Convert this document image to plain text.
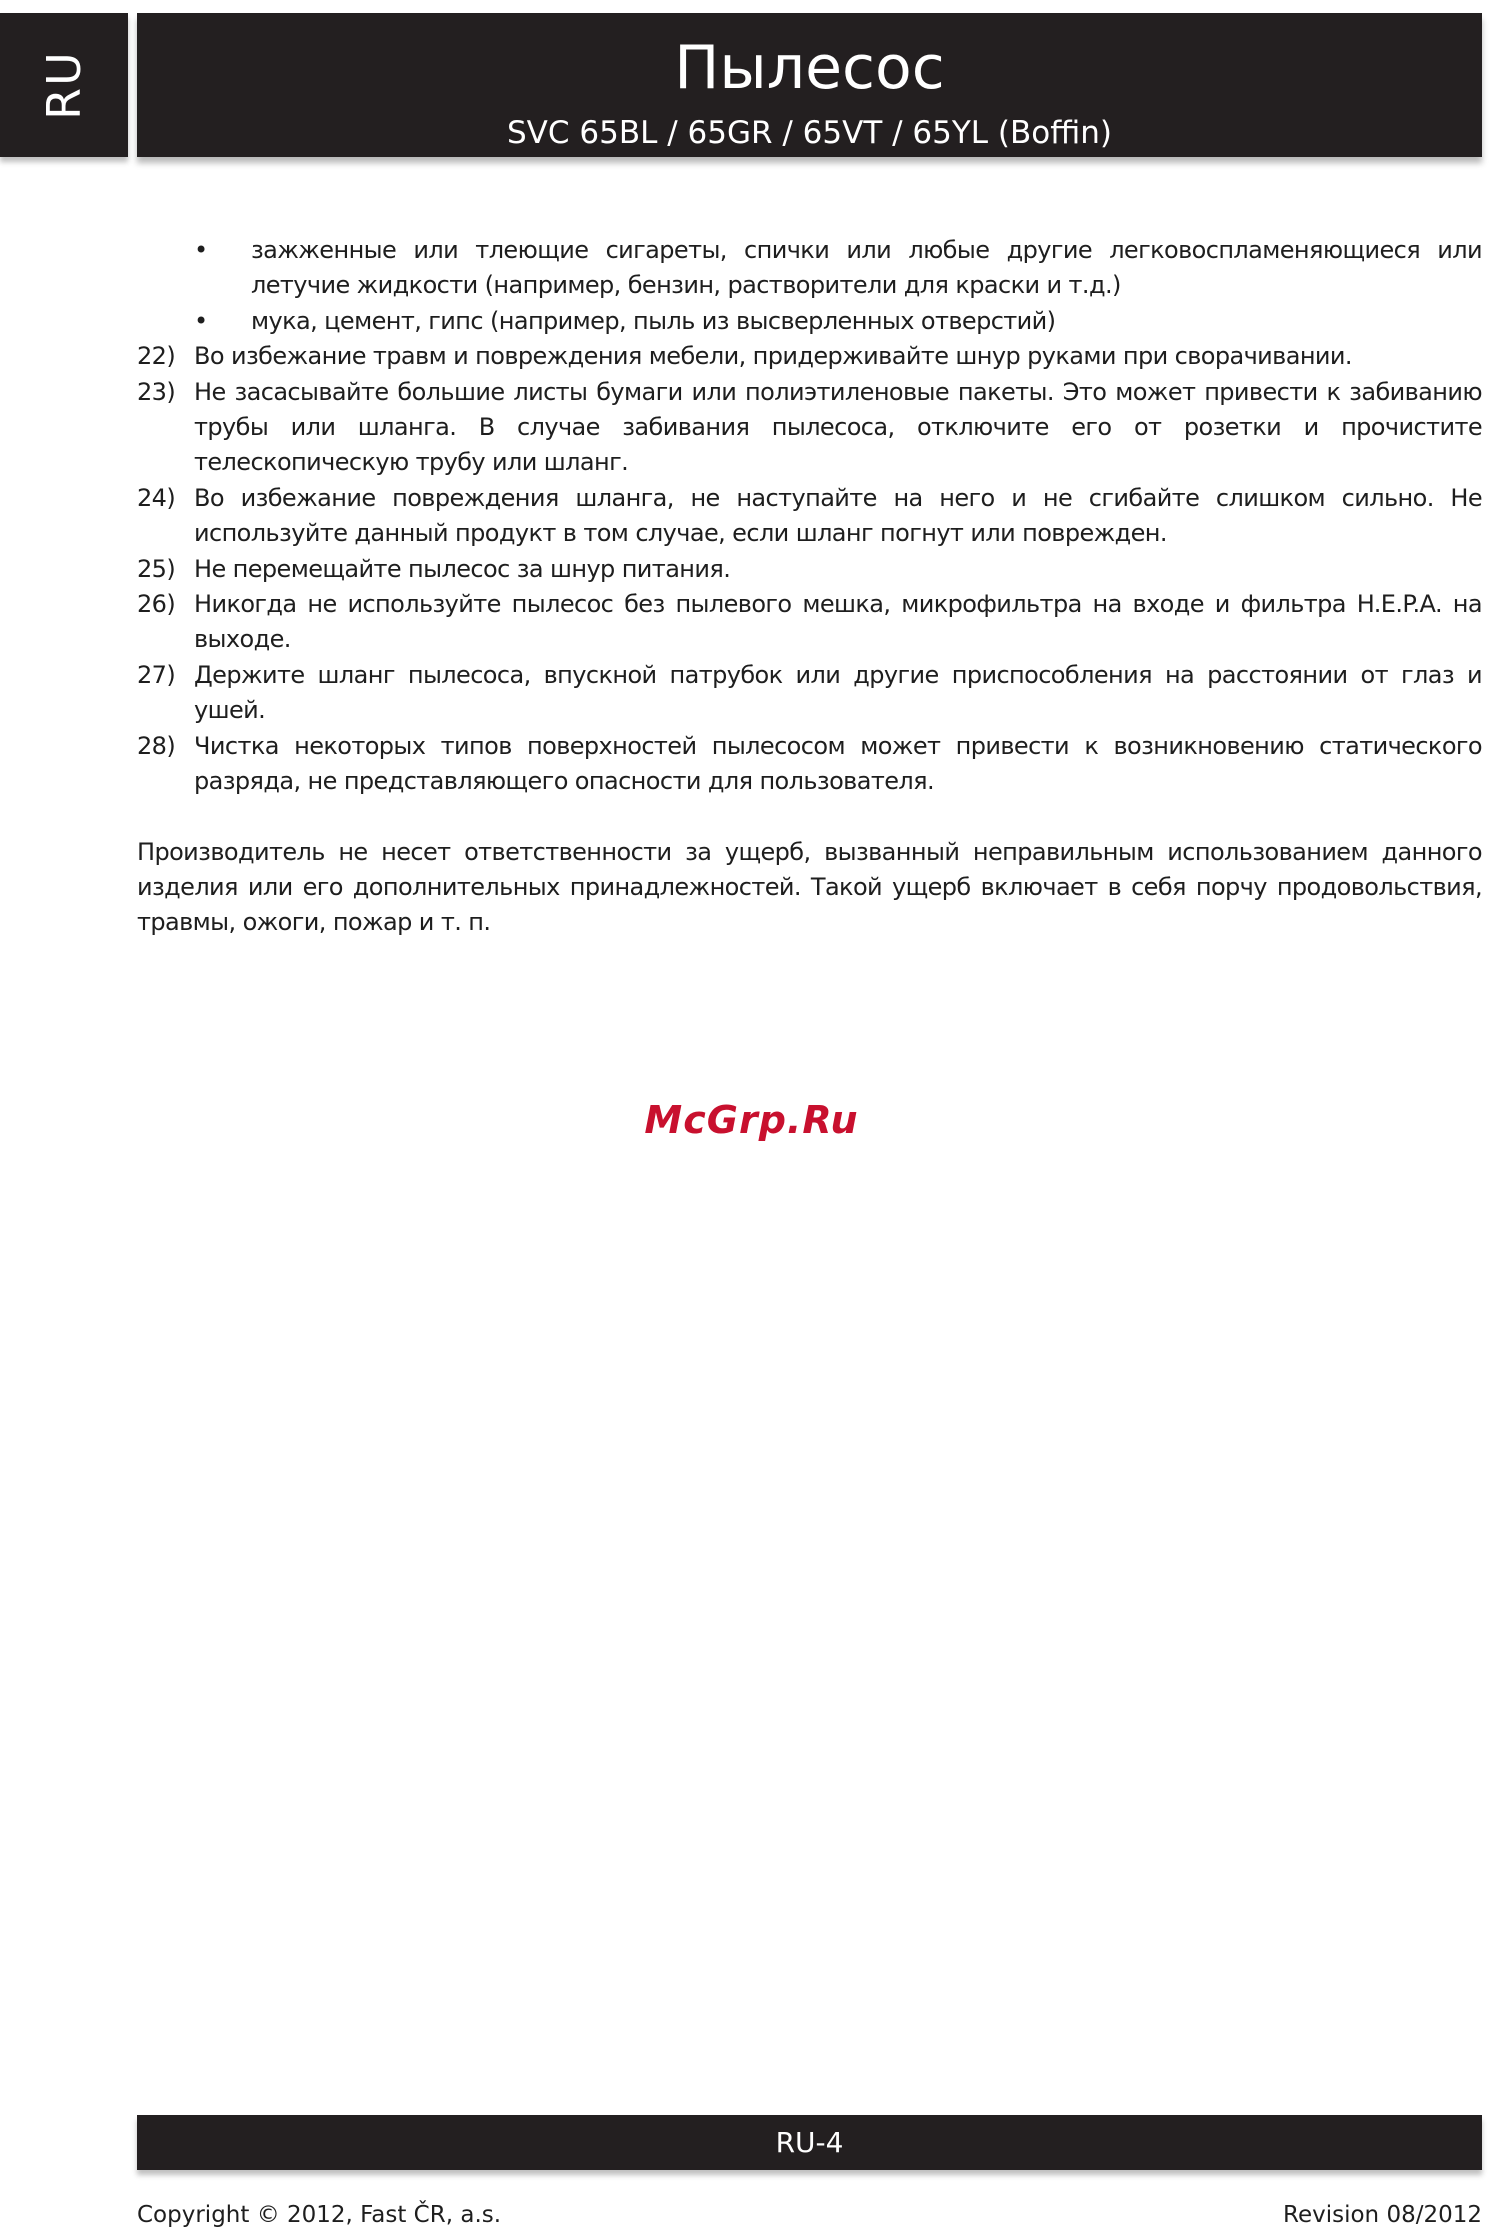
RU	Пылесос
SVC 65BL / 65GR / 65VT / 65YL (Boffin)
• зажженные или тлеющие сигареты, спички или любые другие легковоспламеняющиеся или летучие жидкости (например, бензин, растворители для краски и т.д.)
• мука, цемент, гипс (например, пыль из высверленных отверстий)
22) Во избежание травм и повреждения мебели, придерживайте шнур руками при сворачивании.
23) Не засасывайте большие листы бумаги или полиэтиленовые пакеты. Это может привести к забиванию трубы или шланга. В случае забивания пылесоса, отключите его от розетки и прочистите телескопическую трубу или шланг.
24) Во избежание повреждения шланга, не наступайте на него и не сгибайте слишком сильно. Не используйте данный продукт в том случае, если шланг погнут или поврежден.
25) Не перемещайте пылесос за шнур питания.
26) Никогда не используйте пылесос без пылевого мешка, микрофильтра на входе и фильтра H.E.P.A. на выходе.
27) Держите шланг пылесоса, впускной патрубок или другие приспособления на расстоянии от глаз и ушей.
28) Чистка некоторых типов поверхностей пылесосом может привести к возникновению статического разряда, не представляющего опасности для пользователя.
Производитель не несет ответственности за ущерб, вызванный неправильным использованием данного изделия или его дополнительных принадлежностей. Такой ущерб включает в себя порчу продовольствия, травмы, ожоги, пожар и т. п.
McGrp.Ru
RU-4
Copyright © 2012, Fast ČR, a.s.	Revision 08/2012
